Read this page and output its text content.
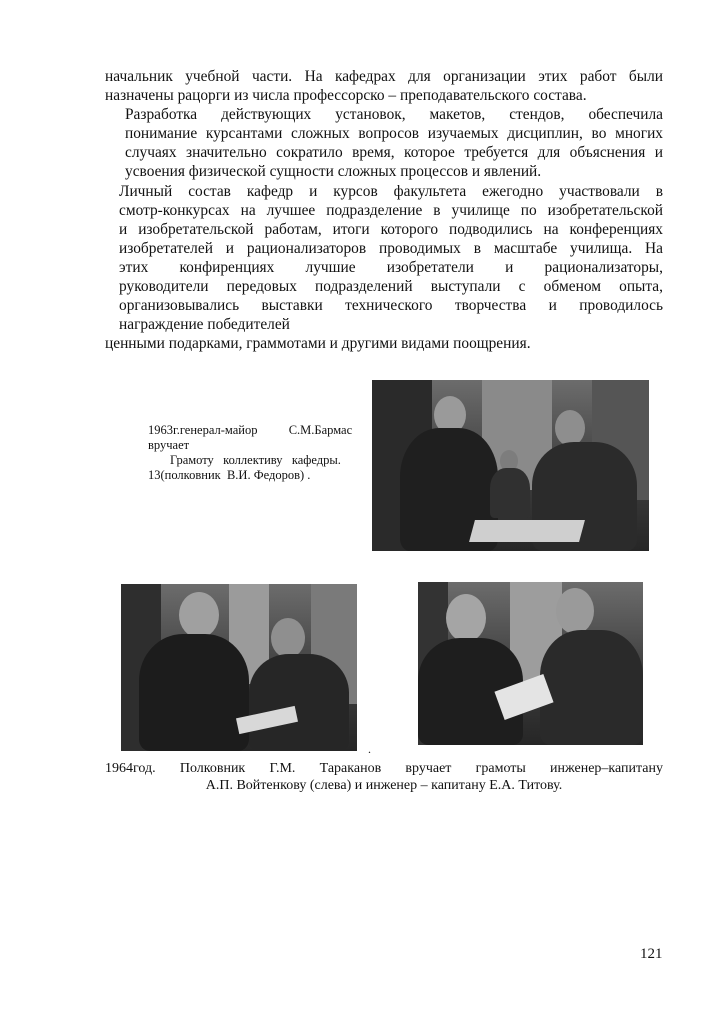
начальник учебной части. На кафедрах для организации этих работ были
назначены рацорги из числа профессорско – преподавательского состава.

Разработка действующих установок, макетов, стендов, обеспечила
понимание курсантами сложных вопросов изучаемых дисциплин, во многих
случаях значительно сократило время, которое требуется для объяснения и
усвоения физической сущности сложных процессов и явлений.

Личный состав кафедр и курсов факультета ежегодно участвовали в
смотр-конкурсах на лучшее подразделение в училище по изобретательской
и изобретательской работам, итоги которого подводились на конференциях
изобретателей и рационализаторов проводимых в масштабе училища. На
этих конфиренциях лучшие изобретатели и рационализаторы,
руководители передовых подразделений выступали с обменом опыта,
организовывались выставки технического творчества и проводилось
награждение победителей

ценными подарками, граммотами и другими видами поощрения.

1963г.генерал-майор          С.М.Бармас
вручает
Грамоту   коллективу   кафедры.
13(полковник  В.И. Федоров) .

.
1964год. Полковник Г.М. Тараканов вручает грамоты инженер–капитану
А.П. Войтенкову (слева) и инженер – капитану Е.А. Титову.
121
